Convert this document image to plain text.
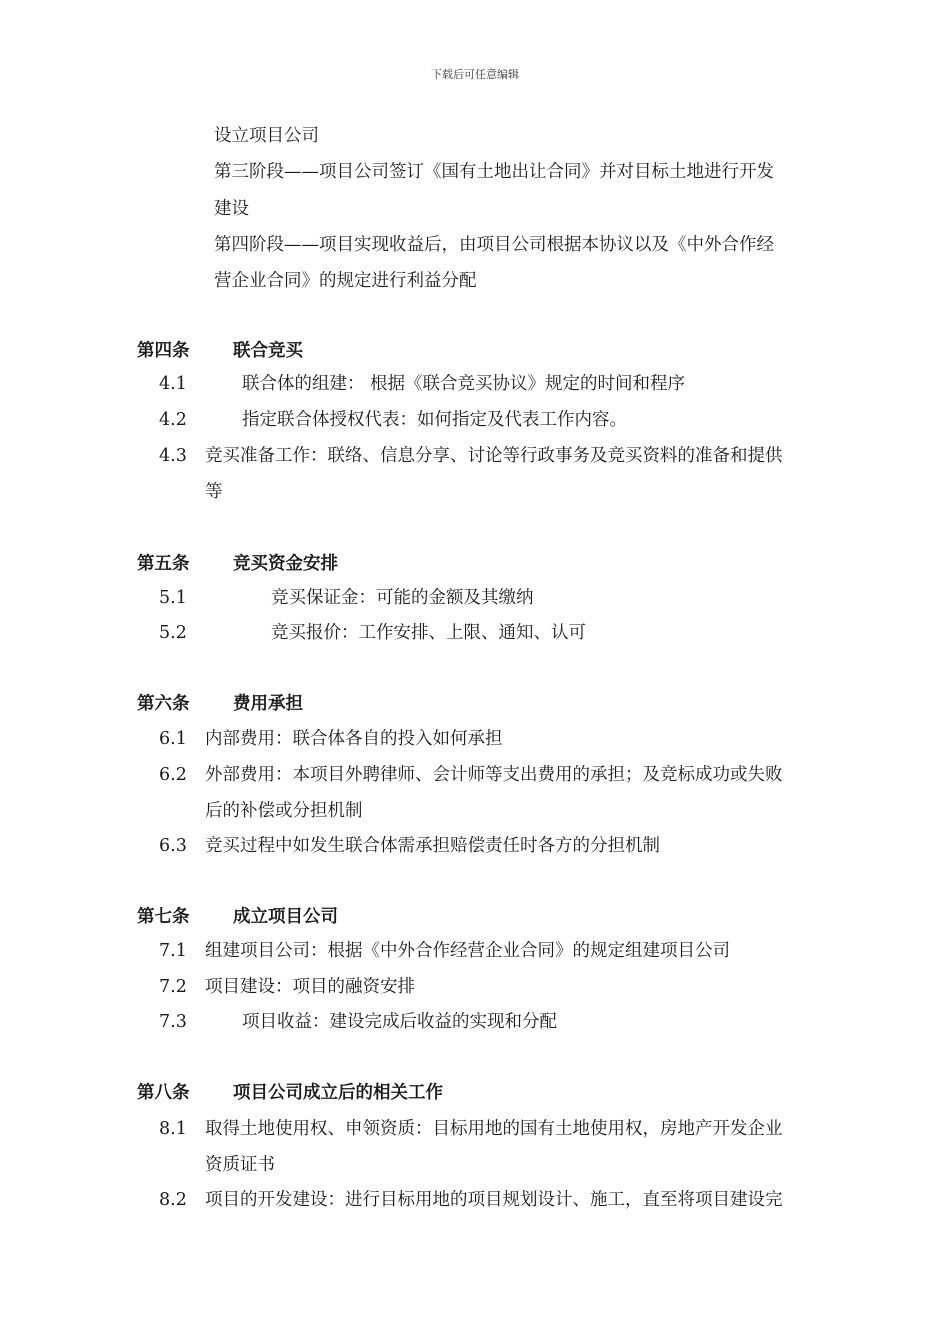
下载后可任意编辑
设立项目公司
第三阶段——项目公司签订《国有土地出让合同》并对目标土地进行开发
建设
第四阶段——项目实现收益后，由项目公司根据本协议以及《中外合作经
营企业合同》的规定进行利益分配
第四条 联合竞买
4.1	联合体的组建： 根据《联合竞买协议》规定的时间和程序
4.2	指定联合体授权代表：如何指定及代表工作内容。
4.3	竞买准备工作：联络、信息分享、讨论等行政事务及竞买资料的准备和提供
等
第五条 竞买资金安排
5.1	竞买保证金：可能的金额及其缴纳
5.2	竞买报价：工作安排、上限、通知、认可
第六条 费用承担
6.1	内部费用：联合体各自的投入如何承担
6.2	外部费用：本项目外聘律师、会计师等支出费用的承担；及竞标成功或失败
后的补偿或分担机制
6.3	竞买过程中如发生联合体需承担赔偿责任时各方的分担机制
第七条 成立项目公司
7.1	组建项目公司：根据《中外合作经营企业合同》的规定组建项目公司
7.2	项目建设：项目的融资安排
7.3	项目收益：建设完成后收益的实现和分配
第八条 项目公司成立后的相关工作
8.1	取得土地使用权、申领资质：目标用地的国有土地使用权，房地产开发企业
资质证书
8.2	项目的开发建设：进行目标用地的项目规划设计、施工，直至将项目建设完
